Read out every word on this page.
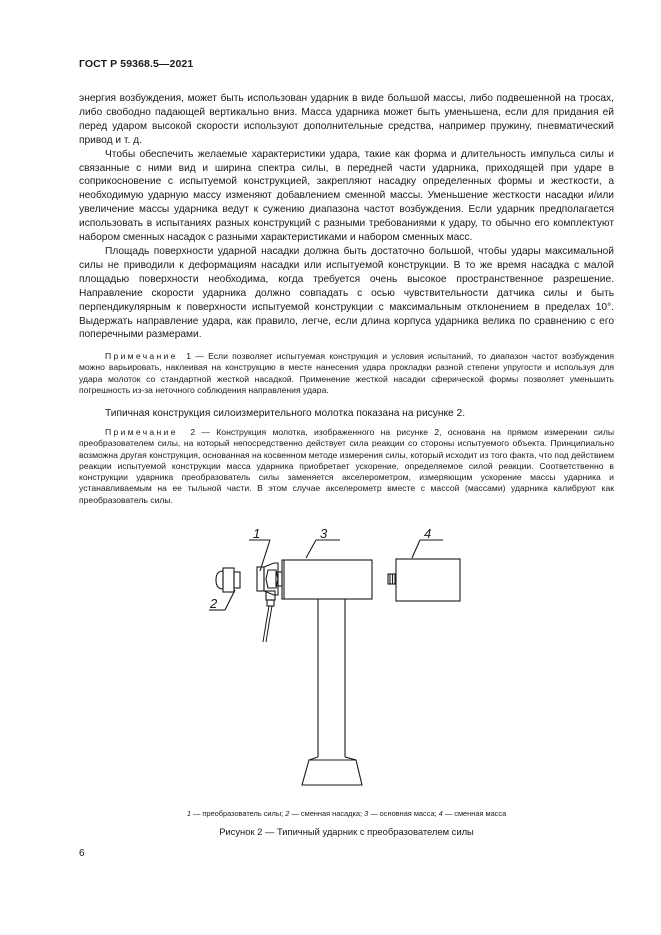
ГОСТ Р 59368.5—2021

энергия возбуждения, может быть использован ударник в виде большой массы, либо подвешенной на тросах, либо свободно падающей вертикально вниз. Масса ударника может быть уменьшена, если для придания ей перед ударом высокой скорости используют дополнительные средства, например пружинy, пневматический привод и т. д.

Чтобы обеспечить желаемые характеристики удара, такие как форма и длительность импульса силы и связанные с ними вид и ширина спектра силы, в передней части ударника, приходящей при ударе в соприкосновение с испытуемой конструкцией, закрепляют насадку определенных формы и жесткости, а необходимую ударную массу изменяют добавлением сменной массы. Уменьшение жесткости насадки и/или увеличение массы ударника ведут к сужению диапазона частот возбуждения. Если ударник предполагается использовать в испытаниях разных конструкций с разными требованиями к удару, то обычно его комплектуют набором сменных насадок с разными характеристиками и набором сменных масс.

Площадь поверхности ударной насадки должна быть достаточно большой, чтобы удары максимальной силы не приводили к деформациям насадки или испытуемой конструкции. В то же время насадка с малой площадью поверхности необходима, когда требуется очень высокое пространственное разрешение. Направление скорости ударника должно совпадать с осью чувствительности датчика силы и быть перпендикулярным к поверхности испытуемой конструкции с максимальным отклонением в пределах 10°. Выдержать направление удара, как правило, легче, если длина корпуса ударника велика по сравнению с его поперечными размерами.

Примечание 1 — Если позволяет испытуемая конструкция и условия испытаний, то диапазон частот возбуждения можно варьировать, наклеивая на конструкцию в месте нанесения удара прокладки разной степени упругости и используя для удара молоток со стандартной жесткой насадкой. Применение жесткой насадки сферической формы позволяет уменьшить погрешность из-за неточного соблюдения направления удара.

Типичная конструкция силоизмерительного молотка показана на рисунке 2.

Примечание 2 — Конструкция молотка, изображенного на рисунке 2, основана на прямом измерении силы преобразователем силы, на который непосредственно действует сила реакции со стороны испытуемого объекта. Принципиально возможна другая конструкция, основанная на косвенном методе измерения силы, который исходит из того факта, что под действием реакции испытуемой конструкции масса ударника приобретает ускорение, определяемое силой реакции. Соответственно в конструкции ударника преобразователь силы заменяется акселерометром, измеряющим ускорение массы ударника и устанавливаемым на ее тыльной части. В этом случае акселерометр вместе с массой (массами) ударника калибруют как преобразователь силы.

1
2
3	4
1 — преобразователь силы; 2 — сменная насадка; 3 — основная масса; 4 — сменная масса
Рисунок 2 — Типичный ударник с преобразователем силы
6
